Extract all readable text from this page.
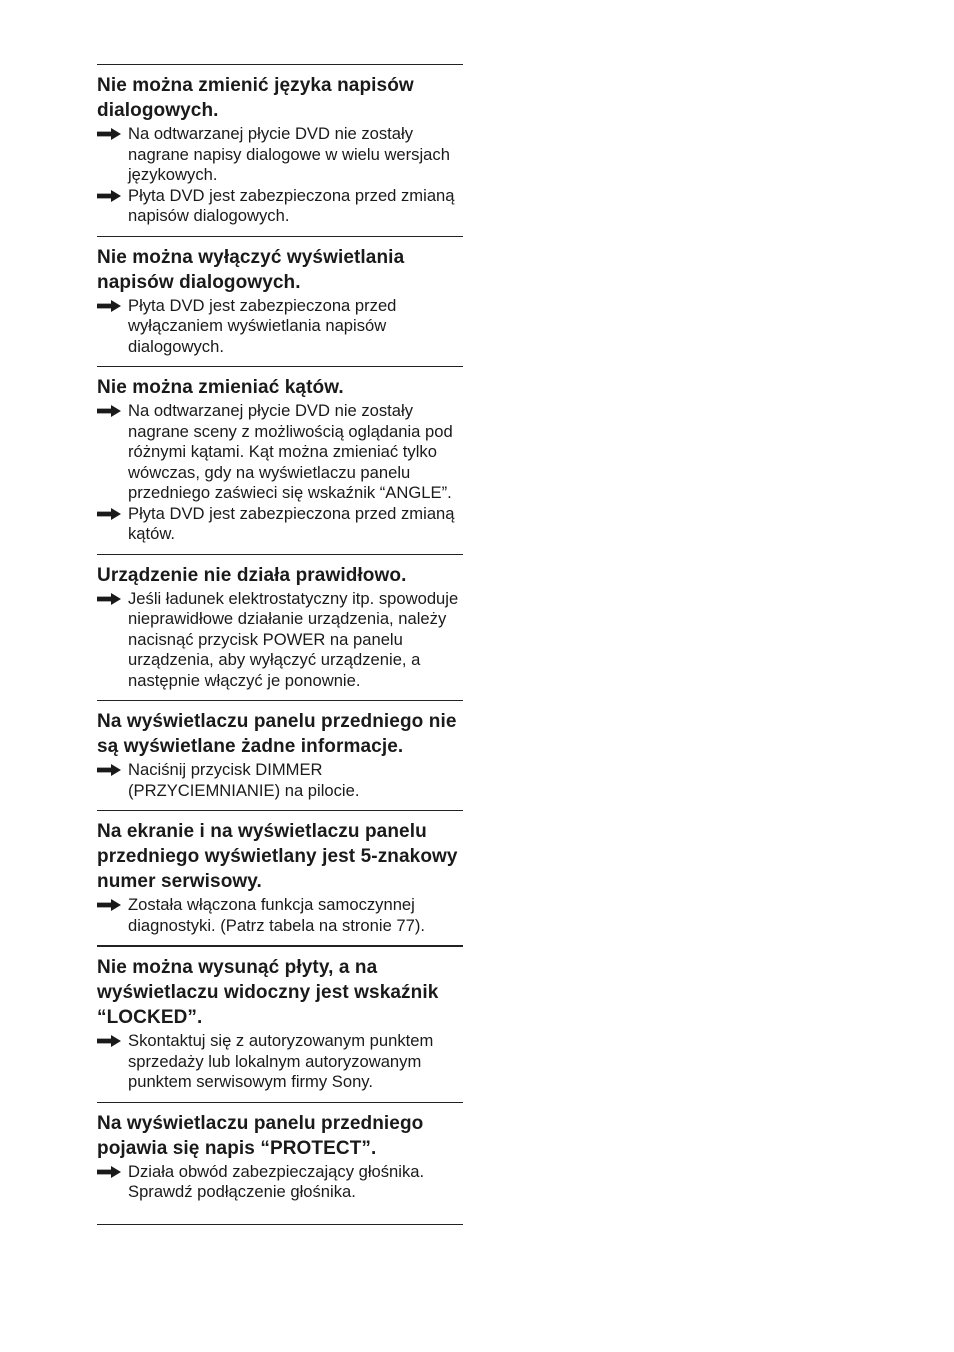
Nie można zmienić języka napisów dialogowych.
Na odtwarzanej płycie DVD nie zostały nagrane napisy dialogowe w wielu wersjach językowych.
Płyta DVD jest zabezpieczona przed zmianą napisów dialogowych.
Nie można wyłączyć wyświetlania napisów dialogowych.
Płyta DVD jest zabezpieczona przed wyłączaniem wyświetlania napisów dialogowych.
Nie można zmieniać kątów.
Na odtwarzanej płycie DVD nie zostały nagrane sceny z możliwością oglądania pod różnymi kątami. Kąt można zmieniać tylko wówczas, gdy na wyświetlaczu panelu przedniego zaświeci się wskaźnik “ANGLE”.
Płyta DVD jest zabezpieczona przed zmianą kątów.
Urządzenie nie działa prawidłowo.
Jeśli ładunek elektrostatyczny itp. spowoduje nieprawidłowe działanie urządzenia, należy nacisnąć przycisk POWER na panelu urządzenia, aby wyłączyć urządzenie, a następnie włączyć je ponownie.
Na wyświetlaczu panelu przedniego nie są wyświetlane żadne informacje.
Naciśnij przycisk DIMMER (PRZYCIEMNIANIE) na pilocie.
Na ekranie i na wyświetlaczu panelu przedniego wyświetlany jest 5-znakowy numer serwisowy.
Została włączona funkcja samoczynnej diagnostyki. (Patrz tabela na stronie 77).
Nie można wysunąć płyty, a na wyświetlaczu widoczny jest wskaźnik “LOCKED”.
Skontaktuj się z autoryzowanym punktem sprzedaży lub lokalnym autoryzowanym punktem serwisowym firmy Sony.
Na wyświetlaczu panelu przedniego pojawia się napis “PROTECT”.
Działa obwód zabezpieczający głośnika. Sprawdź podłączenie głośnika.
